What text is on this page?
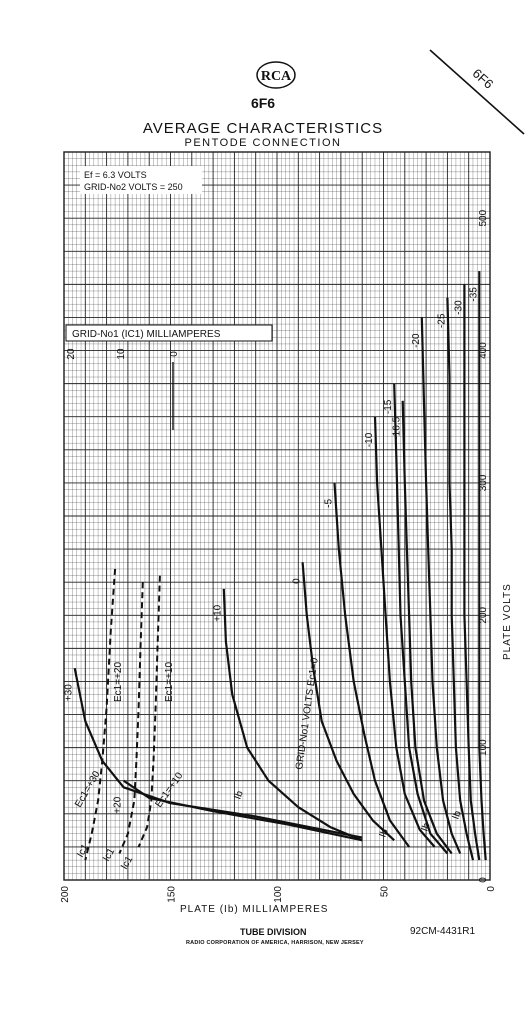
RCA
6F6
AVERAGE CHARACTERISTICS
PENTODE CONNECTION
6F6
+30
+20
+10
0
-5
-10
-15
-16.5
-20
-25
-30
-35
200	150	100	50	0
0
100
200
300
400
500
20	10	0
GRID-No1 VOLTS Ec1=0
Ec1=+30	Ec1=+10
Ec1=+20	Ec1=+10
Ic1 Ic1 Ic1
Ib
Ib
Ib
Ib
GRID-No1 (IC1) MILLIAMPERES
Ef = 6.3 VOLTS
GRID-No2 VOLTS = 250
PLATE (Ib) MILLIAMPERES
PLATE VOLTS
TUBE DIVISION
RADIO CORPORATION OF AMERICA, HARRISON, NEW JERSEY
92CM-4431R1
